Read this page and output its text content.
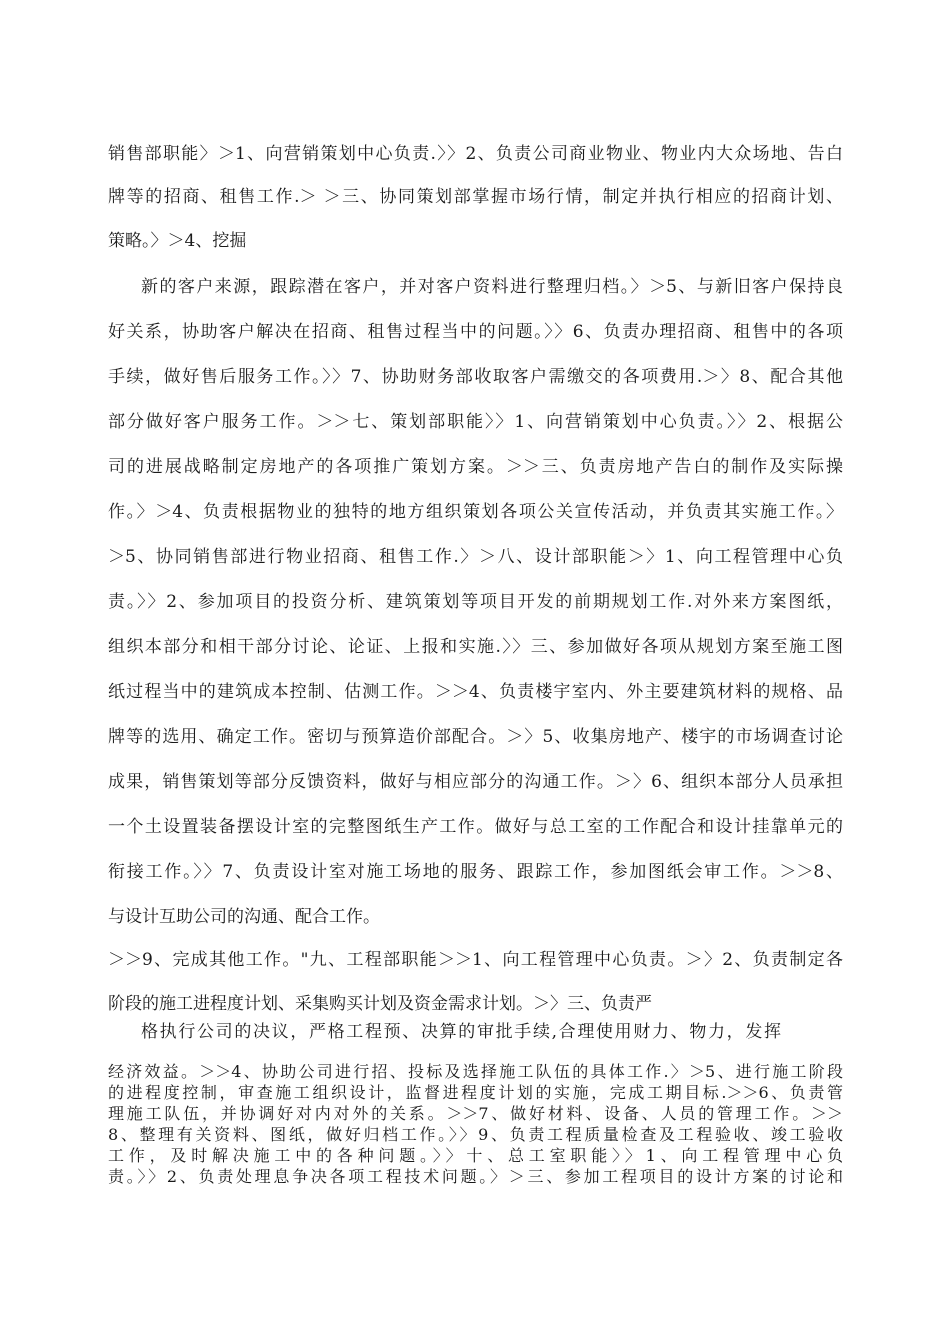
销售部职能〉＞1、向营销策划中心负责.〉〉2、负责公司商业物业、物业内大众场地、告白
牌等的招商、租售工作.＞ ＞三、协同策划部掌握市场行情，制定并执行相应的招商计划、
策略。〉＞4、挖掘
新的客户来源，跟踪潜在客户，并对客户资料进行整理归档。〉＞5、与新旧客户保持良
好关系，协助客户解决在招商、租售过程当中的问题。〉〉6、负责办理招商、租售中的各项
手续，做好售后服务工作。〉〉7、协助财务部收取客户需缴交的各项费用.＞〉8、配合其他
部分做好客户服务工作。＞＞七、策划部职能〉〉1、向营销策划中心负责。〉〉2、根据公
司的进展战略制定房地产的各项推广策划方案。＞＞三、负责房地产告白的制作及实际操
作。〉＞4、负责根据物业的独特的地方组织策划各项公关宣传活动，并负责其实施工作。〉
＞5、协同销售部进行物业招商、租售工作.〉＞八、设计部职能＞〉1、向工程管理中心负
责。〉〉2、参加项目的投资分析、建筑策划等项目开发的前期规划工作.对外来方案图纸，
组织本部分和相干部分讨论、论证、上报和实施.〉〉三、参加做好各项从规划方案至施工图
纸过程当中的建筑成本控制、估测工作。＞＞4、负责楼宇室内、外主要建筑材料的规格、品
牌等的选用、确定工作。密切与预算造价部配合。＞〉5、收集房地产、楼宇的市场调查讨论
成果，销售策划等部分反馈资料，做好与相应部分的沟通工作。＞〉6、组织本部分人员承担
一个土设置装备摆设计室的完整图纸生产工作。做好与总工室的工作配合和设计挂靠单元的
衔接工作。〉〉7、负责设计室对施工场地的服务、跟踪工作，参加图纸会审工作。＞＞8、
与设计互助公司的沟通、配合工作。
＞＞9、完成其他工作。"九、工程部职能＞＞1、向工程管理中心负责。＞〉2、负责制定各
阶段的施工进程度计划、采集购买计划及资金需求计划。＞〉三、负责严
格执行公司的决议，严格工程预、决算的审批手续,合理使用财力、物力，发挥
经济效益。＞＞4、协助公司进行招、投标及选择施工队伍的具体工作.〉＞5、进行施工阶段
的进程度控制，审查施工组织设计，监督进程度计划的实施，完成工期目标.＞＞6、负责管
理施工队伍，并协调好对内对外的关系。＞＞7、做好材料、设备、人员的管理工作。＞＞
8、整理有关资料、图纸，做好归档工作。〉〉9、负责工程质量检查及工程验收、竣工验收
工作，及时解决施工中的各种问题。〉〉十、总工室职能〉〉1、向工程管理中心负
责。〉〉2、负责处理息争决各项工程技术问题。〉＞三、参加工程项目的设计方案的讨论和
